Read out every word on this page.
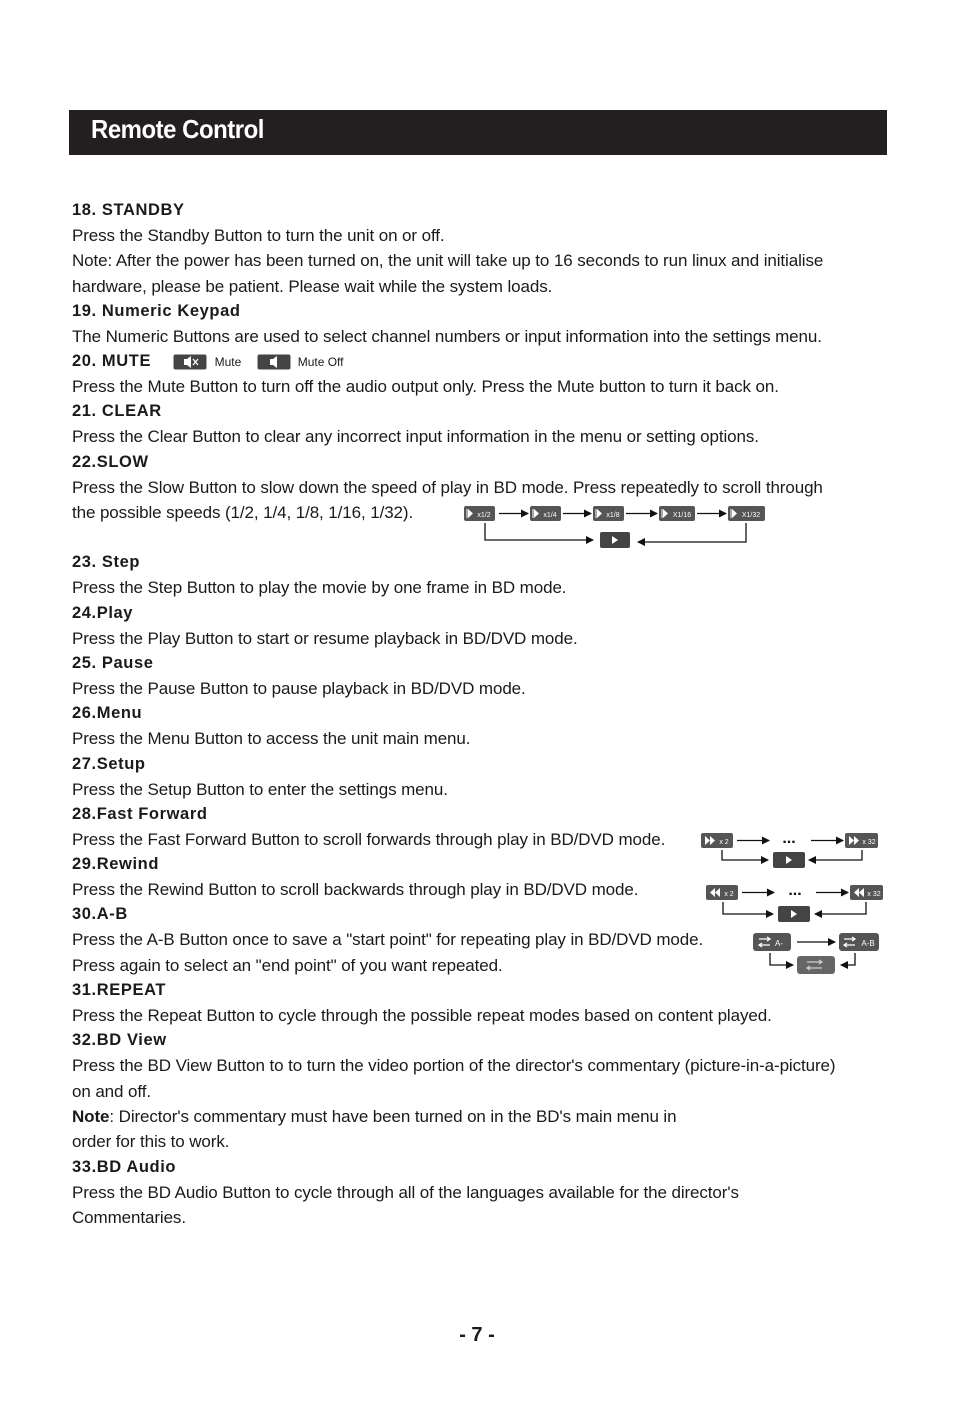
Remote Control
18. STANDBY
Press the Standby Button to turn the unit on or off.
Note: After the power has been turned on, the unit will take up to 16 seconds to run linux and initialise
hardware, please be patient. Please wait while the system loads.
19. Numeric Keypad
The Numeric Buttons are used to select channel numbers or input information into the settings menu.
20. MUTE	Mute	Mute Off
Press the Mute Button to turn off the audio output only. Press the Mute button to turn it back on.
21. CLEAR
Press the Clear Button to clear any incorrect input information in the menu or setting options.
22.SLOW
Press the Slow Button to slow down the speed of play in BD mode. Press repeatedly to scroll through
the possible speeds (1/2, 1/4, 1/8, 1/16, 1/32).
23. Step
Press the Step Button to play the movie by one frame in BD mode.
24.Play
Press the Play Button to start or resume playback in BD/DVD mode.
25. Pause
Press the Pause Button to pause playback in BD/DVD mode.
26.Menu
Press the Menu Button to access the unit main menu.
27.Setup
Press the Setup Button to enter the settings menu.
28.Fast Forward
Press the Fast Forward Button to scroll forwards through play in BD/DVD mode.
29.Rewind
Press the Rewind Button to scroll backwards through play in BD/DVD mode.
30.A-B
Press the A-B Button once to save a "start point" for repeating play in BD/DVD mode.
Press again to select an "end point" of you want repeated.
31.REPEAT
Press the Repeat Button to cycle through the possible repeat modes based on content played.
32.BD View
Press the BD View Button to to turn the video portion of the director's commentary (picture-in-a-picture)
on and off.
Note: Director's commentary must have been turned on in the BD's main menu in
order for this to work.
33.BD Audio
Press the BD Audio Button to cycle through all of the languages available for the director's
Commentaries.
x1/2	x1/4	x1/8	X1/16	X1/32
x 2	...	x 32
x 2	...	x 32
A-	A-B
- 7 -
